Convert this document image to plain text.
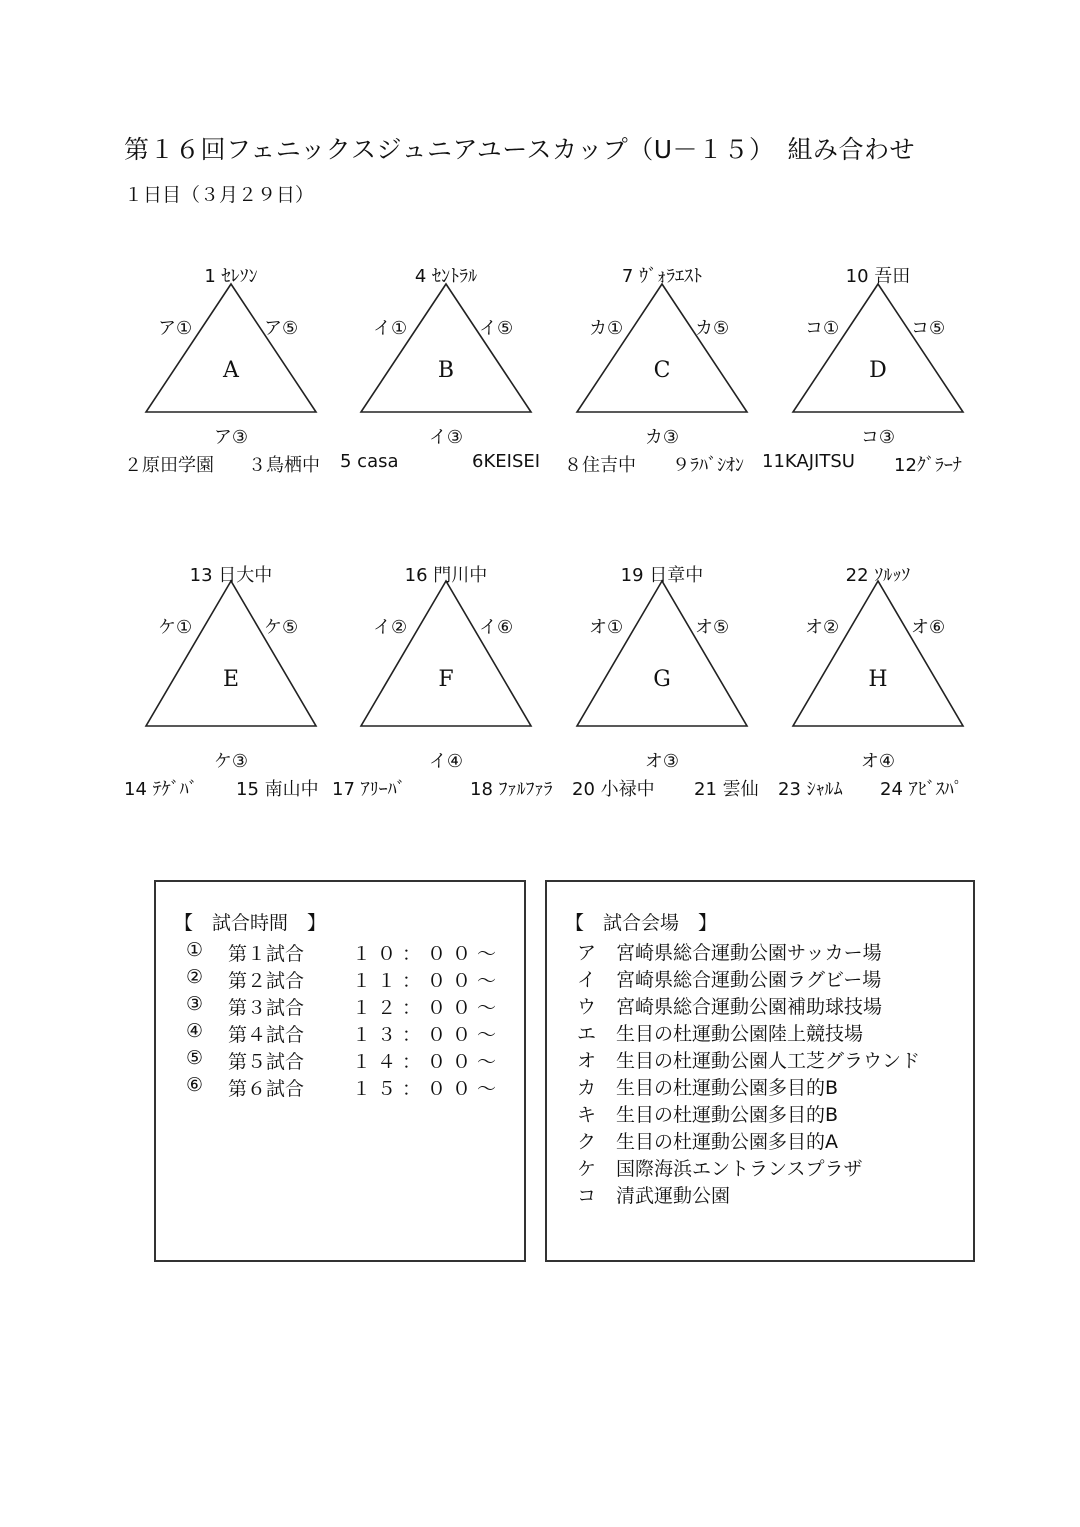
第１６回フェニックスジュニアユースカップ（U－１５）　組み合わせ
１日目（３月２９日）
1 ｾﾚｿﾝ
ア①	ア⑤
A
ア③
4 ｾﾝﾄﾗﾙ
イ①	イ⑤
B
イ③
7 ｳﾞｫﾗｴｽﾄ
カ①	カ⑤
C
カ③
10 吾田
コ①	コ⑤
D
コ③
２原田学園 ３鳥栖中 5 casa	6KEISEI ８住吉中 ９ﾗﾊﾞｼｵﾝ 11KAJITSU 12ｸﾞﾗｰﾅ
13 日大中
ケ①	ケ⑤
E
ケ③
16 門川中
イ②	イ⑥
F
イ④
19 日章中
オ①	オ⑤
G
オ③
22 ｿﾙｯｿ
オ②	オ⑥
H
オ④
14 ﾃｹﾞﾊﾞ 15 南山中 17 ｱﾘｰﾊﾞ	18 ﾌｧﾙﾌｧﾗ 20 小禄中 21 雲仙 23 ｼｬﾙﾑ 24 ｱﾋﾞｽﾊﾟ
【　試合時間　】
① 第１試合	１０：００～
② 第２試合	１１：００～
③ 第３試合	１２：００～
④ 第４試合	１３：００～
⑤ 第５試合	１４：００～
⑥ 第６試合	１５：００～
【　試合会場　】
ア 宮崎県総合運動公園サッカー場
イ 宮崎県総合運動公園ラグビー場
ウ 宮崎県総合運動公園補助球技場
エ 生目の杜運動公園陸上競技場
オ 生目の杜運動公園人工芝グラウンド
カ 生目の杜運動公園多目的B
キ 生目の杜運動公園多目的B
ク 生目の杜運動公園多目的A
ケ 国際海浜エントランスプラザ
コ 清武運動公園
